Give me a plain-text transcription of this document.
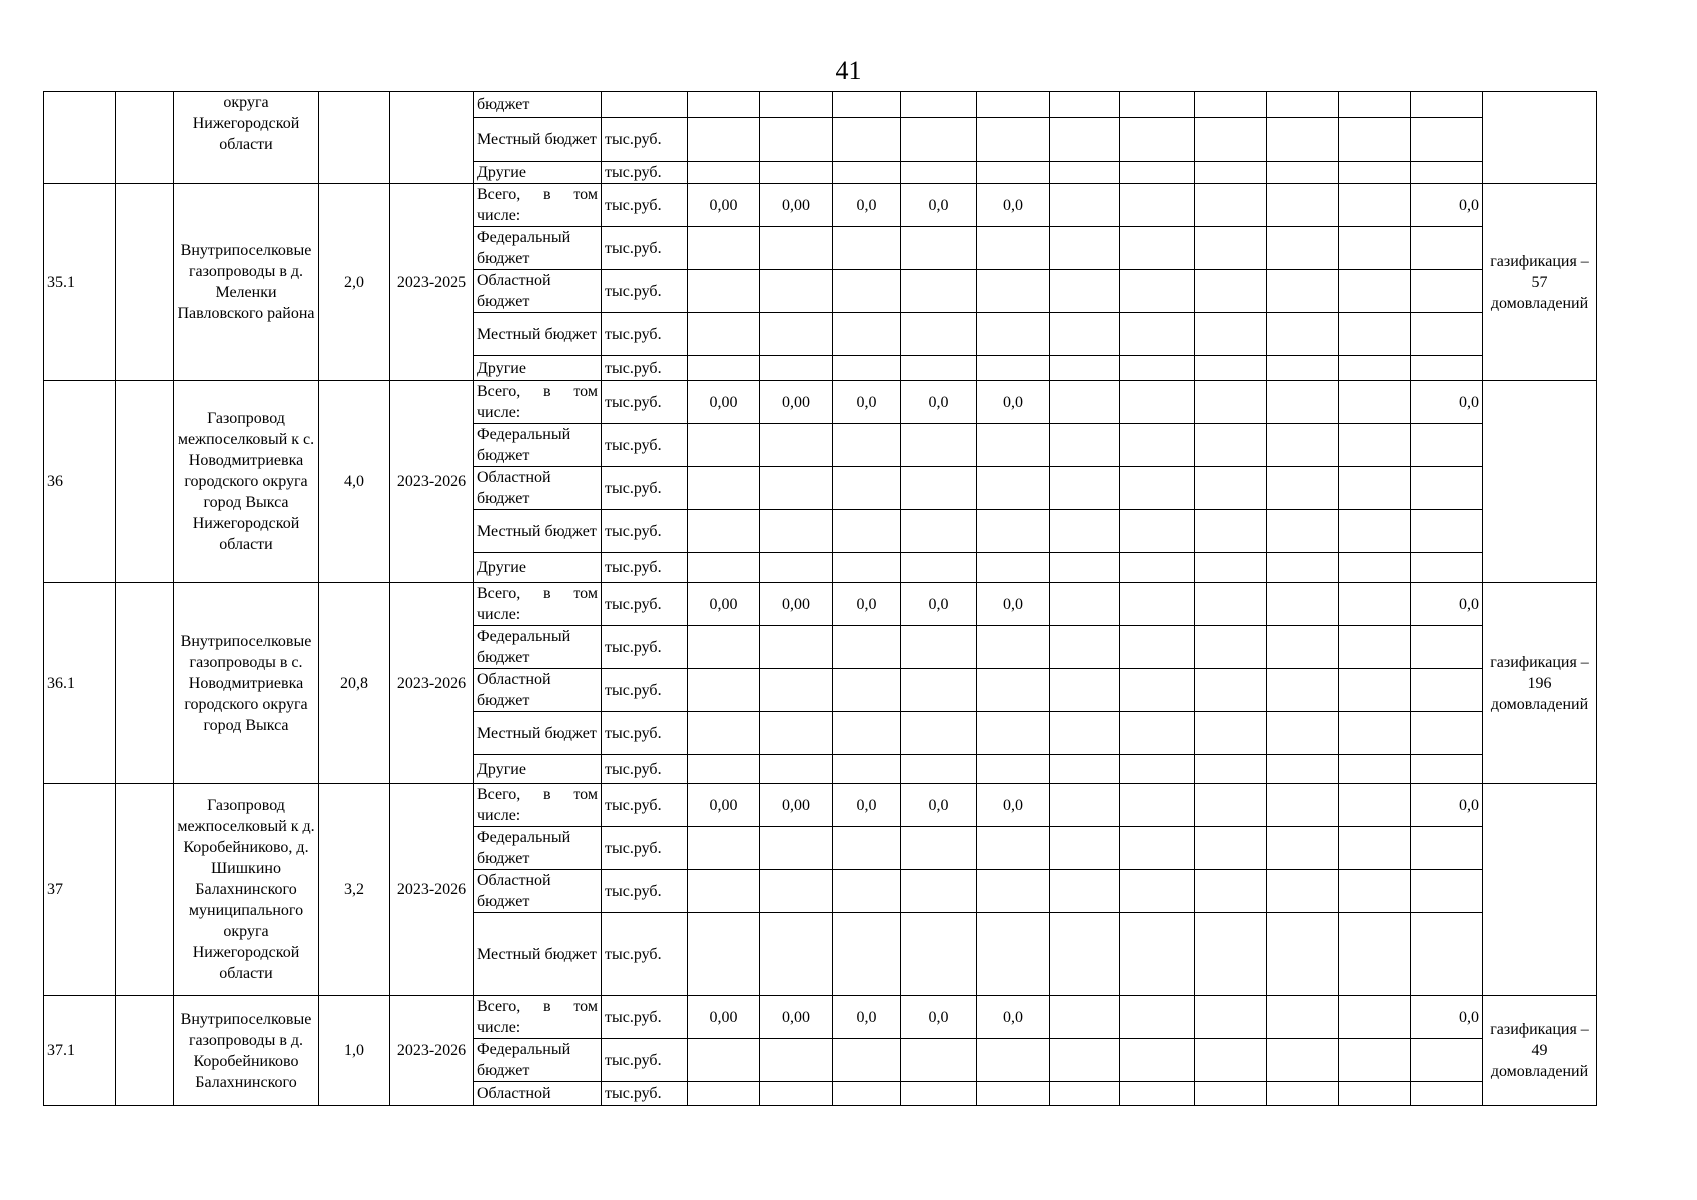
41
		округа Нижегородской области			бюджет													
					Местный бюджет	тыс.руб.												
					Другие	тыс.руб.												
35.1		Внутрипоселковые газопроводы в д. Меленки Павловского района	2,0	2023-2025	Всего, в том числе:	тыс.руб.	0,00	0,00	0,0	0,0	0,0						0,0	газификация – 57 домовладений
					Федеральный бюджет	тыс.руб.												
					Областной бюджет	тыс.руб.												
					Местный бюджет	тыс.руб.												
					Другие	тыс.руб.												
36		Газопровод межпоселковый к с. Новодмитриевка городского округа город Выкса Нижегородской области	4,0	2023-2026	Всего, в том числе:	тыс.руб.	0,00	0,00	0,0	0,0	0,0						0,0	
					Федеральный бюджет	тыс.руб.												
					Областной бюджет	тыс.руб.												
					Местный бюджет	тыс.руб.												
					Другие	тыс.руб.												
36.1		Внутрипоселковые газопроводы в с. Новодмитриевка городского округа город Выкса	20,8	2023-2026	Всего, в том числе:	тыс.руб.	0,00	0,00	0,0	0,0	0,0						0,0	газификация – 196 домовладений
					Федеральный бюджет	тыс.руб.												
					Областной бюджет	тыс.руб.												
					Местный бюджет	тыс.руб.												
					Другие	тыс.руб.												
37		Газопровод межпоселковый к д. Коробейниково, д. Шишкино Балахнинского муниципального округа Нижегородской области	3,2	2023-2026	Всего, в том числе:	тыс.руб.	0,00	0,00	0,0	0,0	0,0						0,0	
					Федеральный бюджет	тыс.руб.												
					Областной бюджет	тыс.руб.												
					Местный бюджет	тыс.руб.												
37.1		Внутрипоселковые газопроводы в д. Коробейниково Балахнинского	1,0	2023-2026	Всего, в том числе:	тыс.руб.	0,00	0,00	0,0	0,0	0,0						0,0	газификация – 49 домовладений
					Федеральный бюджет	тыс.руб.												
					Областной	тыс.руб.												
